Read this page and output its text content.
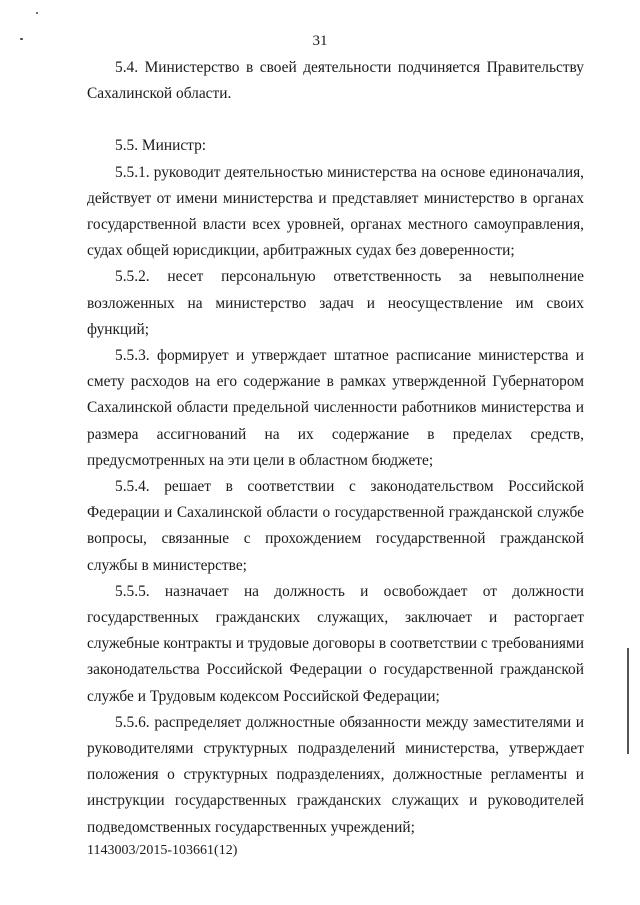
31

5.4. Министерство в своей деятельности подчиняется Правительству Сахалинской области.

5.5. Министр:

5.5.1. руководит деятельностью министерства на основе единоначалия, действует от имени министерства и представляет министерство в органах государственной власти всех уровней, органах местного самоуправления, судах общей юрисдикции, арбитражных судах без доверенности;

5.5.2. несет персональную ответственность за невыполнение возложенных на министерство задач и неосуществление им своих функций;

5.5.3. формирует и утверждает штатное расписание министерства и смету расходов на его содержание в рамках утвержденной Губернатором Сахалинской области предельной численности работников министерства и размера ассигнований на их содержание в пределах средств, предусмотренных на эти цели в областном бюджете;

5.5.4. решает в соответствии с законодательством Российской Федерации и Сахалинской области о государственной гражданской службе вопросы, связанные с прохождением государственной гражданской службы в министерстве;

5.5.5. назначает на должность и освобождает от должности государственных гражданских служащих, заключает и расторгает служебные контракты и трудовые договоры в соответствии с требованиями законодательства Российской Федерации о государственной гражданской службе и Трудовым кодексом Российской Федерации;

5.5.6. распределяет должностные обязанности между заместителями и руководителями структурных подразделений министерства, утверждает положения о структурных подразделениях, должностные регламенты и инструкции государственных гражданских служащих и руководителей подведомственных государственных учреждений;

1143003/2015-103661(12)
